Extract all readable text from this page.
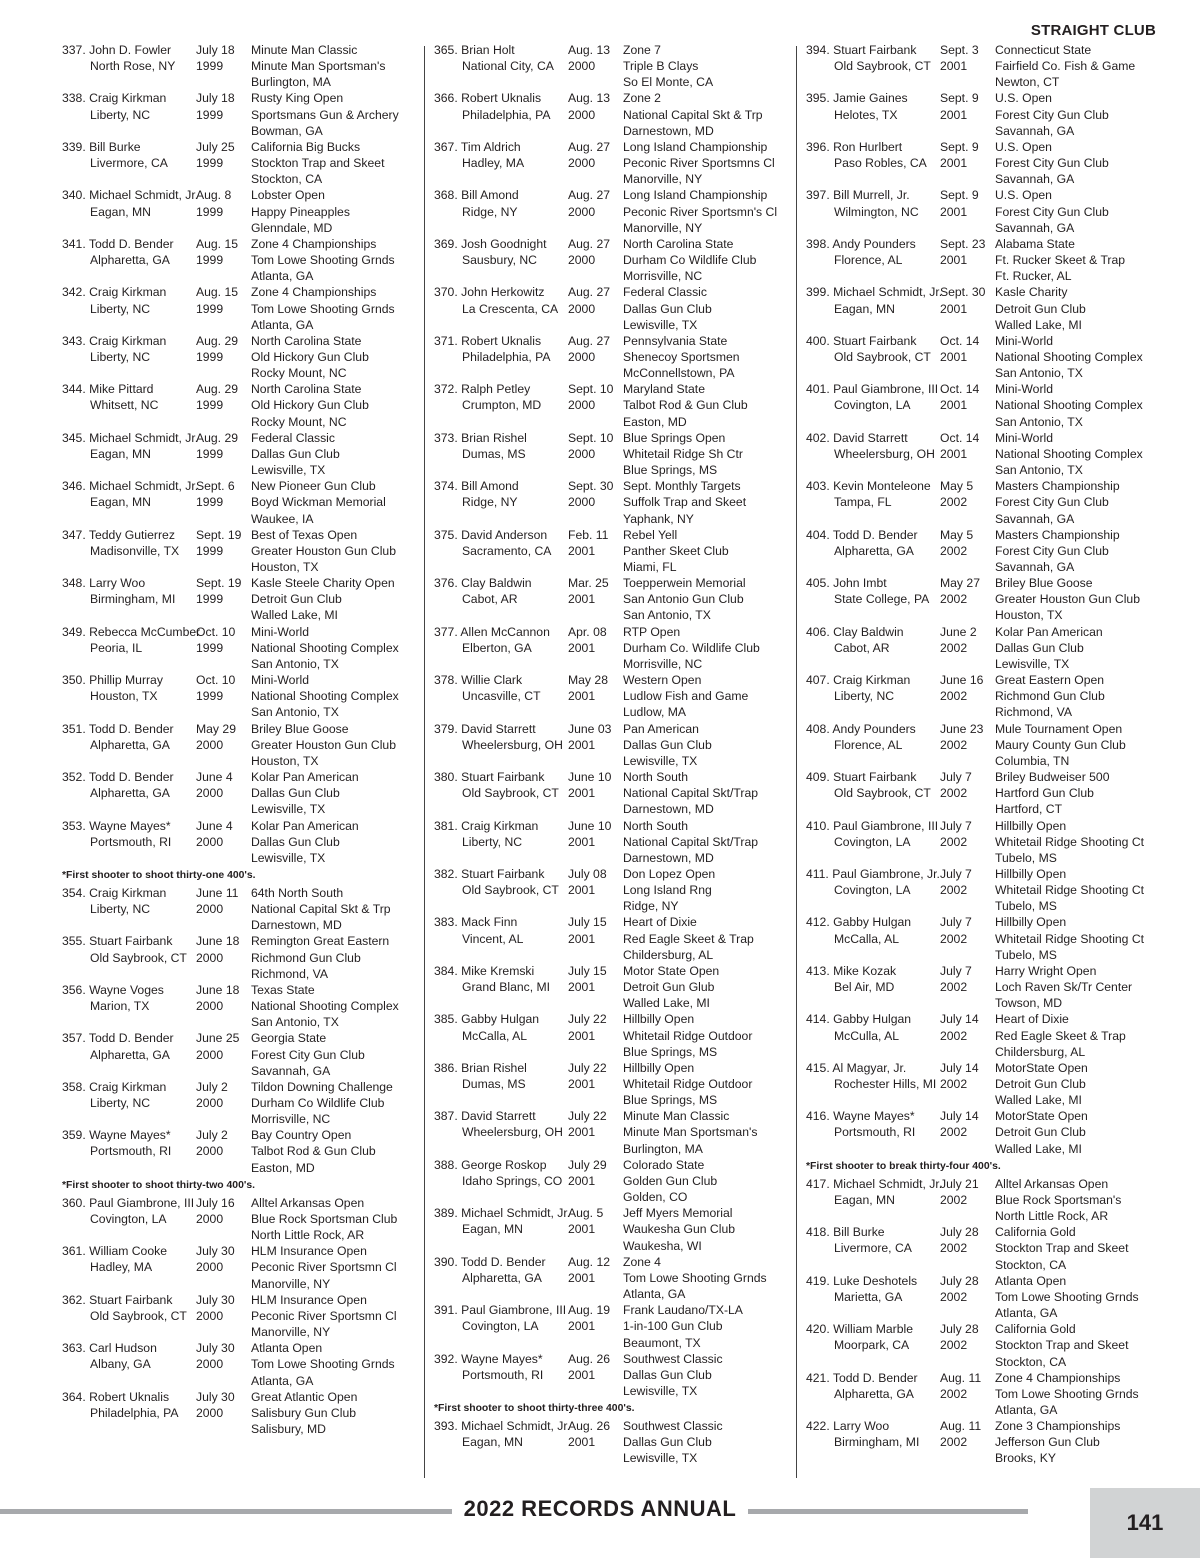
STRAIGHT CLUB
337. John D. Fowler
North Rose, NY
July 18
1999
Minute Man Classic
Minute Man Sportsman's
Burlington, MA
338. Craig Kirkman
Liberty, NC
July 18
1999
Rusty King Open
Sportsmans Gun & Archery
Bowman, GA
339. Bill Burke
Livermore, CA
July 25
1999
California Big Bucks
Stockton Trap and Skeet
Stockton, CA
340. Michael Schmidt, Jr.
Eagan, MN
Aug. 8
1999
Lobster Open
Happy Pineapples
Glenndale, MD
341. Todd D. Bender
Alpharetta, GA
Aug. 15
1999
Zone 4 Championships
Tom Lowe Shooting Grnds
Atlanta, GA
342. Craig Kirkman
Liberty, NC
Aug. 15
1999
Zone 4 Championships
Tom Lowe Shooting Grnds
Atlanta, GA
343. Craig Kirkman
Liberty, NC
Aug. 29
1999
North Carolina State
Old Hickory Gun Club
Rocky Mount, NC
344. Mike Pittard
Whitsett, NC
Aug. 29
1999
North Carolina State
Old Hickory Gun Club
Rocky Mount, NC
345. Michael Schmidt, Jr.
Eagan, MN
Aug. 29
1999
Federal Classic
Dallas Gun Club
Lewisville, TX
346. Michael Schmidt, Jr.
Eagan, MN
Sept. 6
1999
New Pioneer Gun Club
Boyd Wickman Memorial
Waukee, IA
347. Teddy Gutierrez
Madisonville, TX
Sept. 19
1999
Best of Texas Open
Greater Houston Gun Club
Houston, TX
348. Larry Woo
Birmingham, MI
Sept. 19
1999
Kasle Steele Charity Open
Detroit Gun Club
Walled Lake, MI
349. Rebecca McCumber
Peoria, IL
Oct. 10
1999
Mini-World
National Shooting Complex
San Antonio, TX
350. Phillip Murray
Houston, TX
Oct. 10
1999
Mini-World
National Shooting Complex
San Antonio, TX
351. Todd D. Bender
Alpharetta, GA
May 29
2000
Briley Blue Goose
Greater Houston Gun Club
Houston, TX
352. Todd D. Bender
Alpharetta, GA
June 4
2000
Kolar Pan American
Dallas Gun Club
Lewisville, TX
353. Wayne Mayes*
Portsmouth, RI
June 4
2000
Kolar Pan American
Dallas Gun Club
Lewisville, TX

*First shooter to shoot thirty-one 400's.

354. Craig Kirkman
Liberty, NC
June 11
2000
64th North South
National Capital Skt & Trp
Darnestown, MD
355. Stuart Fairbank
Old Saybrook, CT
June 18
2000
Remington Great Eastern
Richmond Gun Club
Richmond, VA
356. Wayne Voges
Marion, TX
June 18
2000
Texas State
National Shooting Complex
San Antonio, TX
357. Todd D. Bender
Alpharetta, GA
June 25
2000
Georgia State
Forest City Gun Club
Savannah, GA
358. Craig Kirkman
Liberty, NC
July 2
2000
Tildon Downing Challenge
Durham Co Wildlife Club
Morrisville, NC
359. Wayne Mayes*
Portsmouth, RI
July 2
2000
Bay Country Open
Talbot Rod & Gun Club
Easton, MD

*First shooter to shoot thirty-two 400's.

360. Paul Giambrone, III
Covington, LA
July 16
2000
Alltel Arkansas Open
Blue Rock Sportsman Club
North Little Rock, AR
361. William Cooke
Hadley, MA
July 30
2000
HLM Insurance Open
Peconic River Sportsmn Cl
Manorville, NY
362. Stuart Fairbank
Old Saybrook, CT
July 30
2000
HLM Insurance Open
Peconic River Sportsmn Cl
Manorville, NY
363. Carl Hudson
Albany, GA
July 30
2000
Atlanta Open
Tom Lowe Shooting Grnds
Atlanta, GA
364. Robert Uknalis
Philadelphia, PA
July 30
2000
Great Atlantic Open
Salisbury Gun Club
Salisbury, MD
365. Brian Holt
National City, CA
Aug. 13
2000
Zone 7
Triple B Clays
So El Monte, CA
366. Robert Uknalis
Philadelphia, PA
Aug. 13
2000
Zone 2
National Capital Skt & Trp
Darnestown, MD
367. Tim Aldrich
Hadley, MA
Aug. 27
2000
Long Island Championship
Peconic River Sportsmns Cl
Manorville, NY
368. Bill Amond
Ridge, NY
Aug. 27
2000
Long Island Championship
Peconic River Sportsmn's Cl
Manorville, NY
369. Josh Goodnight
Sausbury, NC
Aug. 27
2000
North Carolina State
Durham Co Wildlife Club
Morrisville, NC
370. John Herkowitz
La Crescenta, CA
Aug. 27
2000
Federal Classic
Dallas Gun Club
Lewisville, TX
371. Robert Uknalis
Philadelphia, PA
Aug. 27
2000
Pennsylvania State
Shenecoy Sportsmen
McConnellstown, PA
372. Ralph Petley
Crumpton, MD
Sept. 10
2000
Maryland State
Talbot Rod & Gun Club
Easton, MD
373. Brian Rishel
Dumas, MS
Sept. 10
2000
Blue Springs Open
Whitetail Ridge Sh Ctr
Blue Springs, MS
374. Bill Amond
Ridge, NY
Sept. 30
2000
Sept. Monthly Targets
Suffolk Trap and Skeet
Yaphank, NY
375. David Anderson
Sacramento, CA
Feb. 11
2001
Rebel Yell
Panther Skeet Club
Miami, FL
376. Clay Baldwin
Cabot, AR
Mar. 25
2001
Toepperwein Memorial
San Antonio Gun Club
San Antonio, TX
377. Allen McCannon
Elberton, GA
Apr. 08
2001
RTP Open
Durham Co. Wildlife Club
Morrisville, NC
378. Willie Clark
Uncasville, CT
May 28
2001
Western Open
Ludlow Fish and Game
Ludlow, MA
379. David Starrett
Wheelersburg, OH
June 03
2001
Pan American
Dallas Gun Club
Lewisville, TX
380. Stuart Fairbank
Old Saybrook, CT
June 10
2001
North South
National Capital Skt/Trap
Darnestown, MD
381. Craig Kirkman
Liberty, NC
June 10
2001
North South
National Capital Skt/Trap
Darnestown, MD
382. Stuart Fairbank
Old Saybrook, CT
July 08
2001
Don Lopez Open
Long Island Rng
Ridge, NY
383. Mack Finn
Vincent, AL
July 15
2001
Heart of Dixie
Red Eagle Skeet & Trap
Childersburg, AL
384. Mike Kremski
Grand Blanc, MI
July 15
2001
Motor State Open
Detroit Gun Glub
Walled Lake, MI
385. Gabby Hulgan
McCalla, AL
July 22
2001
Hillbilly Open
Whitetail Ridge Outdoor
Blue Springs, MS
386. Brian Rishel
Dumas, MS
July 22
2001
Hillbilly Open
Whitetail Ridge Outdoor
Blue Springs, MS
387. David Starrett
Wheelersburg, OH
July 22
2001
Minute Man Classic
Minute Man Sportsman's
Burlington, MA
388. George Roskop
Idaho Springs, CO
July 29
2001
Colorado State
Golden Gun Club
Golden, CO
389. Michael Schmidt, Jr.
Eagan, MN
Aug. 5
2001
Jeff Myers Memorial
Waukesha Gun Club
Waukesha, WI
390. Todd D. Bender
Alpharetta, GA
Aug. 12
2001
Zone 4
Tom Lowe Shooting Grnds
Atlanta, GA
391. Paul Giambrone, III
Covington, LA
Aug. 19
2001
Frank Laudano/TX-LA
1-in-100 Gun Club
Beaumont, TX
392. Wayne Mayes*
Portsmouth, RI
Aug. 26
2001
Southwest Classic
Dallas Gun Club
Lewisville, TX

*First shooter to shoot thirty-three 400's.

393. Michael Schmidt, Jr.
Eagan, MN
Aug. 26
2001
Southwest Classic
Dallas Gun Club
Lewisville, TX
394. Stuart Fairbank
Old Saybrook, CT
Sept. 3
2001
Connecticut State
Fairfield Co. Fish & Game
Newton, CT
395. Jamie Gaines
Helotes, TX
Sept. 9
2001
U.S. Open
Forest City Gun Club
Savannah, GA
396. Ron Hurlbert
Paso Robles, CA
Sept. 9
2001
U.S. Open
Forest City Gun Club
Savannah, GA
397. Bill Murrell, Jr.
Wilmington, NC
Sept. 9
2001
U.S. Open
Forest City Gun Club
Savannah, GA
398. Andy Pounders
Florence, AL
Sept. 23
2001
Alabama State
Ft. Rucker Skeet & Trap
Ft. Rucker, AL
399. Michael Schmidt, Jr.
Eagan, MN
Sept. 30
2001
Kasle Charity
Detroit Gun Club
Walled Lake, MI
400. Stuart Fairbank
Old Saybrook, CT
Oct. 14
2001
Mini-World
National Shooting Complex
San Antonio, TX
401. Paul Giambrone, III
Covington, LA
Oct. 14
2001
Mini-World
National Shooting Complex
San Antonio, TX
402. David Starrett
Wheelersburg, OH
Oct. 14
2001
Mini-World
National Shooting Complex
San Antonio, TX
403. Kevin Monteleone
Tampa, FL
May 5
2002
Masters Championship
Forest City Gun Club
Savannah, GA
404. Todd D. Bender
Alpharetta, GA
May 5
2002
Masters Championship
Forest City Gun Club
Savannah, GA
405. John Imbt
State College, PA
May 27
2002
Briley Blue Goose
Greater Houston Gun Club
Houston, TX
406. Clay Baldwin
Cabot, AR
June 2
2002
Kolar Pan American
Dallas Gun Club
Lewisville, TX
407. Craig Kirkman
Liberty, NC
June 16
2002
Great Eastern Open
Richmond Gun Club
Richmond, VA
408. Andy Pounders
Florence, AL
June 23
2002
Mule Tournament Open
Maury County Gun Club
Columbia, TN
409. Stuart Fairbank
Old Saybrook, CT
July 7
2002
Briley Budweiser 500
Hartford Gun Club
Hartford, CT
410. Paul Giambrone, III
Covington, LA
July 7
2002
Hillbilly Open
Whitetail Ridge Shooting Ct
Tubelo, MS
411. Paul Giambrone, Jr.
Covington, LA
July 7
2002
Hillbilly Open
Whitetail Ridge Shooting Ct
Tubelo, MS
412. Gabby Hulgan
McCalla, AL
July 7
2002
Hillbilly Open
Whitetail Ridge Shooting Ct
Tubelo, MS
413. Mike Kozak
Bel Air, MD
July 7
2002
Harry Wright Open
Loch Raven Sk/Tr Center
Towson, MD
414. Gabby Hulgan
McCulla, AL
July 14
2002
Heart of Dixie
Red Eagle Skeet & Trap
Childersburg, AL
415. Al Magyar, Jr.
Rochester Hills, MI
July 14
2002
MotorState Open
Detroit Gun Club
Walled Lake, MI
416. Wayne Mayes*
Portsmouth, RI
July 14
2002
MotorState Open
Detroit Gun Club
Walled Lake, MI

*First shooter to break thirty-four 400's.

417. Michael Schmidt, Jr.
Eagan, MN
July 21
2002
Alltel Arkansas Open
Blue Rock Sportsman's
North Little Rock, AR
418. Bill Burke
Livermore, CA
July 28
2002
California Gold
Stockton Trap and Skeet
Stockton, CA
419. Luke Deshotels
Marietta, GA
July 28
2002
Atlanta Open
Tom Lowe Shooting Grnds
Atlanta, GA
420. William Marble
Moorpark, CA
July 28
2002
California Gold
Stockton Trap and Skeet
Stockton, CA
421. Todd D. Bender
Alpharetta, GA
Aug. 11
2002
Zone 4 Championships
Tom Lowe Shooting Grnds
Atlanta, GA
422. Larry Woo
Birmingham, MI
Aug. 11
2002
Zone 3 Championships
Jefferson Gun Club
Brooks, KY
2022 RECORDS ANNUAL
141
